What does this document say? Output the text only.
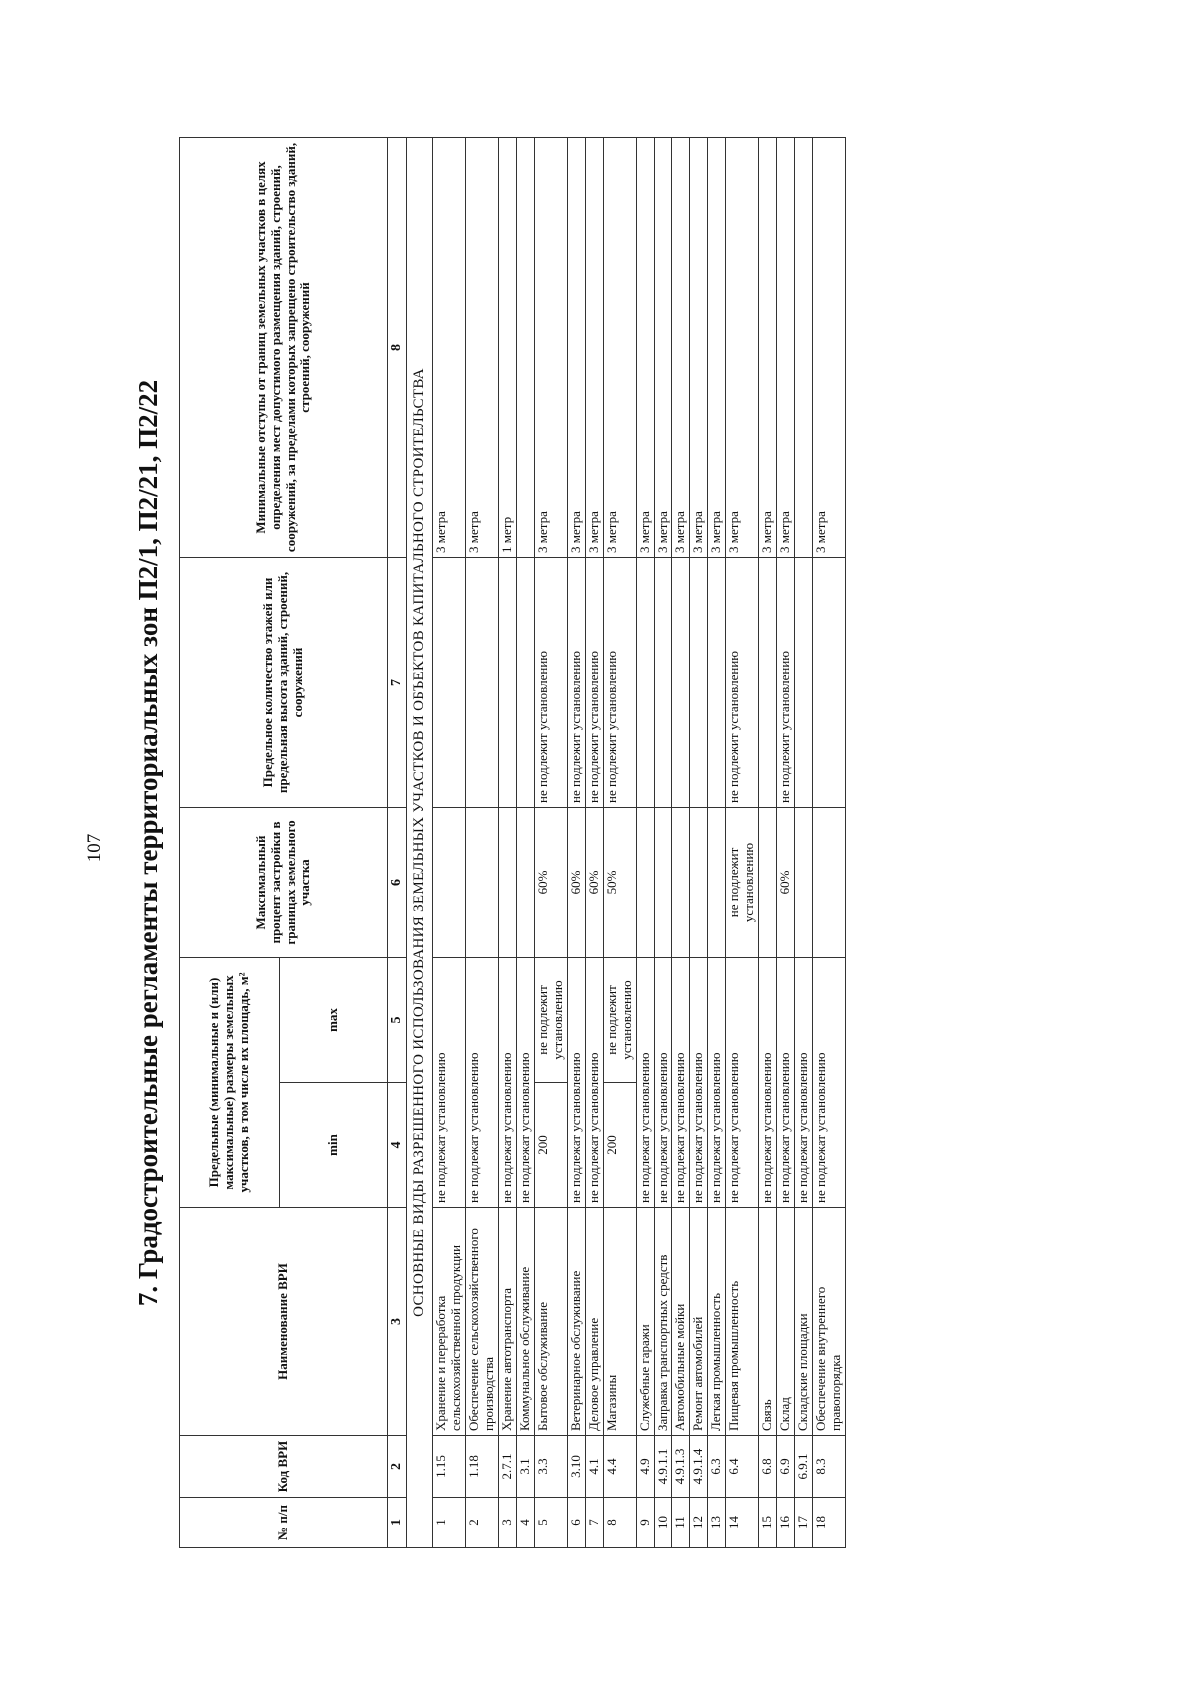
107	7. Градостроительные регламенты территориальных зон П2/1, П2/21, П2/22
№ п/п	Код ВРИ	Наименование ВРИ	Предельные (минимальные и (или) максимальные) размеры земельных участков, в том числе их площадь, м²		Максимальный процент застройки в границах земельного участка	Предельное количество этажей или предельная высота зданий, строений, сооружений	Минимальные отступы от границ земельных участков в целях определения мест допустимого размещения зданий, строений, сооружений, за пределами которых запрещено строительство зданий, строений, сооружений
			min	max			
1	2	3	4	5	6	7	8
ОСНОВНЫЕ ВИДЫ РАЗРЕШЕННОГО ИСПОЛЬЗОВАНИЯ ЗЕМЕЛЬНЫХ УЧАСТКОВ И ОБЪЕКТОВ КАПИТАЛЬНОГО СТРОИТЕЛЬСТВА							
1	1.15	Хранение и переработка сельскохозяйственной продукции	не подлежат установлению				3 метра
2	1.18	Обеспечение сельскохозяйственного производства	не подлежат установлению				3 метра
3	2.7.1	Хранение автотранспорта	не подлежат установлению				1 метр
4	3.1	Коммунальное обслуживание	не подлежат установлению				
5	3.3	Бытовое обслуживание	200	не подлежит установлению	60%	не подлежит установлению	3 метра
6	3.10	Ветеринарное обслуживание	не подлежат установлению		60%	не подлежит установлению	3 метра
7	4.1	Деловое управление	не подлежат установлению		60%	не подлежит установлению	3 метра
8	4.4	Магазины	200	не подлежит установлению	50%	не подлежит установлению	3 метра
9	4.9	Служебные гаражи	не подлежат установлению				3 метра
10	4.9.1.1	Заправка транспортных средств	не подлежат установлению				3 метра
11	4.9.1.3	Автомобильные мойки	не подлежат установлению				3 метра
12	4.9.1.4	Ремонт автомобилей	не подлежат установлению				3 метра
13	6.3	Легкая промышленность	не подлежат установлению				3 метра
14	6.4	Пищевая промышленность	не подлежат установлению		не подлежит установлению	не подлежит установлению	3 метра
15	6.8	Связь	не подлежат установлению				3 метра
16	6.9	Склад	не подлежат установлению		60%	не подлежит установлению	3 метра
17	6.9.1	Складские площадки	не подлежат установлению				
18	8.3	Обеспечение внутреннего правопорядка	не подлежат установлению				3 метра
